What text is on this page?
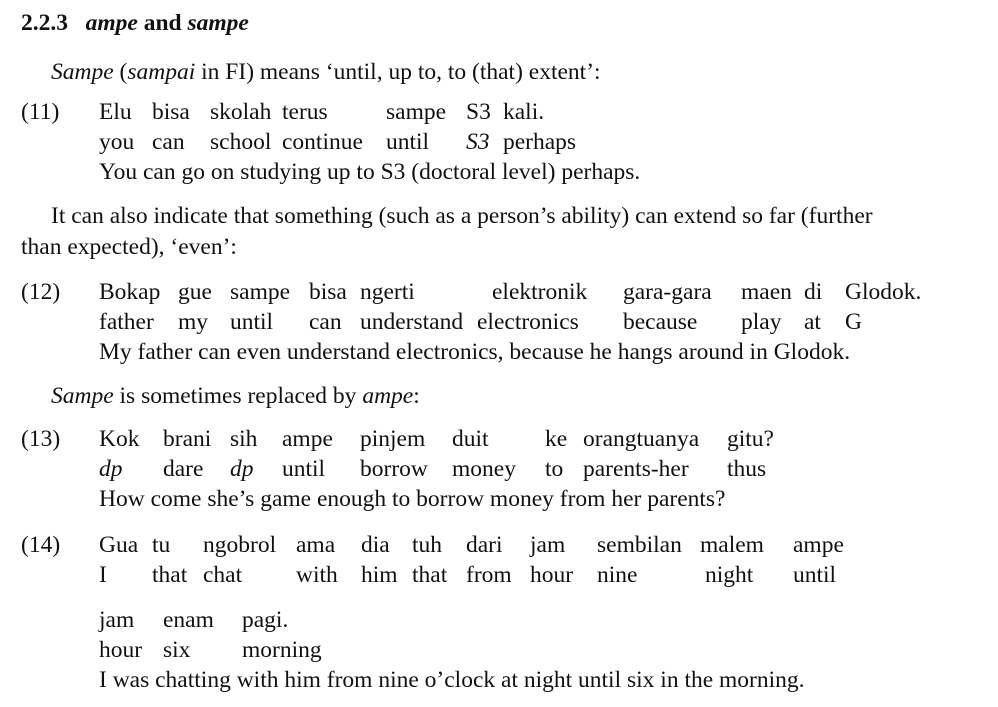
2.2.3 ampe and sampe
Sampe (sampai in FI) means ‘until, up to, to (that) extent’:
(11) Elu bisa skolah terus sampe S3 kali.
you can school continue until S3 perhaps
You can go on studying up to S3 (doctoral level) perhaps.
It can also indicate that something (such as a person’s ability) can extend so far (further
than expected), ‘even’:
(12) Bokap gue sampe bisa ngerti	elektronik gara-gara maen di Glodok.
father my until can understand electronics because play at G
My father can even understand electronics, because he hangs around in Glodok.
Sampe is sometimes replaced by ampe:
(13) Kok brani sih ampe pinjem duit ke orangtuanya gitu?
dp dare dp until borrow money to parents-her thus
How come she’s game enough to borrow money from her parents?
(14) Gua tu ngobrol ama dia tuh dari jam sembilan malem ampe
I that chat with him that from hour nine	night until
jam enam pagi.
hour six morning
I was chatting with him from nine o’clock at night until six in the morning.
